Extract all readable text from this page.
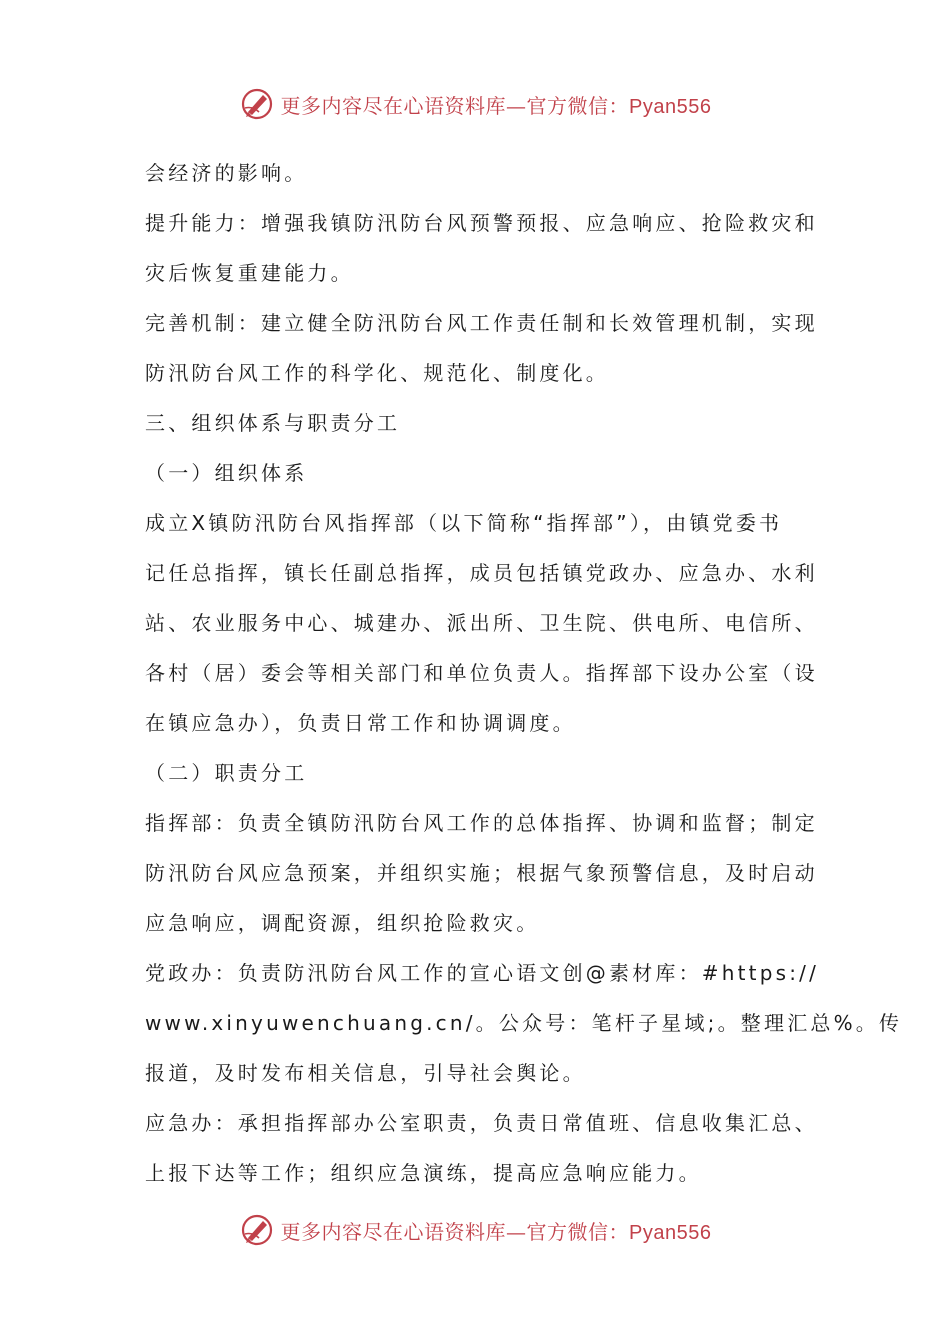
更多内容尽在心语资料库—官方微信：Pyan556
会经济的影响。
提升能力：增强我镇防汛防台风预警预报、应急响应、抢险救灾和
灾后恢复重建能力。
完善机制：建立健全防汛防台风工作责任制和长效管理机制，实现
防汛防台风工作的科学化、规范化、制度化。
三、组织体系与职责分工
（一）组织体系
成立X镇防汛防台风指挥部（以下简称“指挥部”），由镇党委书
记任总指挥，镇长任副总指挥，成员包括镇党政办、应急办、水利
站、农业服务中心、城建办、派出所、卫生院、供电所、电信所、
各村（居）委会等相关部门和单位负责人。指挥部下设办公室（设
在镇应急办），负责日常工作和协调调度。
（二）职责分工
指挥部：负责全镇防汛防台风工作的总体指挥、协调和监督；制定
防汛防台风应急预案，并组织实施；根据气象预警信息，及时启动
应急响应，调配资源，组织抢险救灾。
党政办：负责防汛防台风工作的宣心语文创@素材库：#https://
www.xinyuwenchuang.cn/。公众号：笔杆子星域;。整理汇总%。传
报道，及时发布相关信息，引导社会舆论。
应急办：承担指挥部办公室职责，负责日常值班、信息收集汇总、
上报下达等工作；组织应急演练，提高应急响应能力。
更多内容尽在心语资料库—官方微信：Pyan556
